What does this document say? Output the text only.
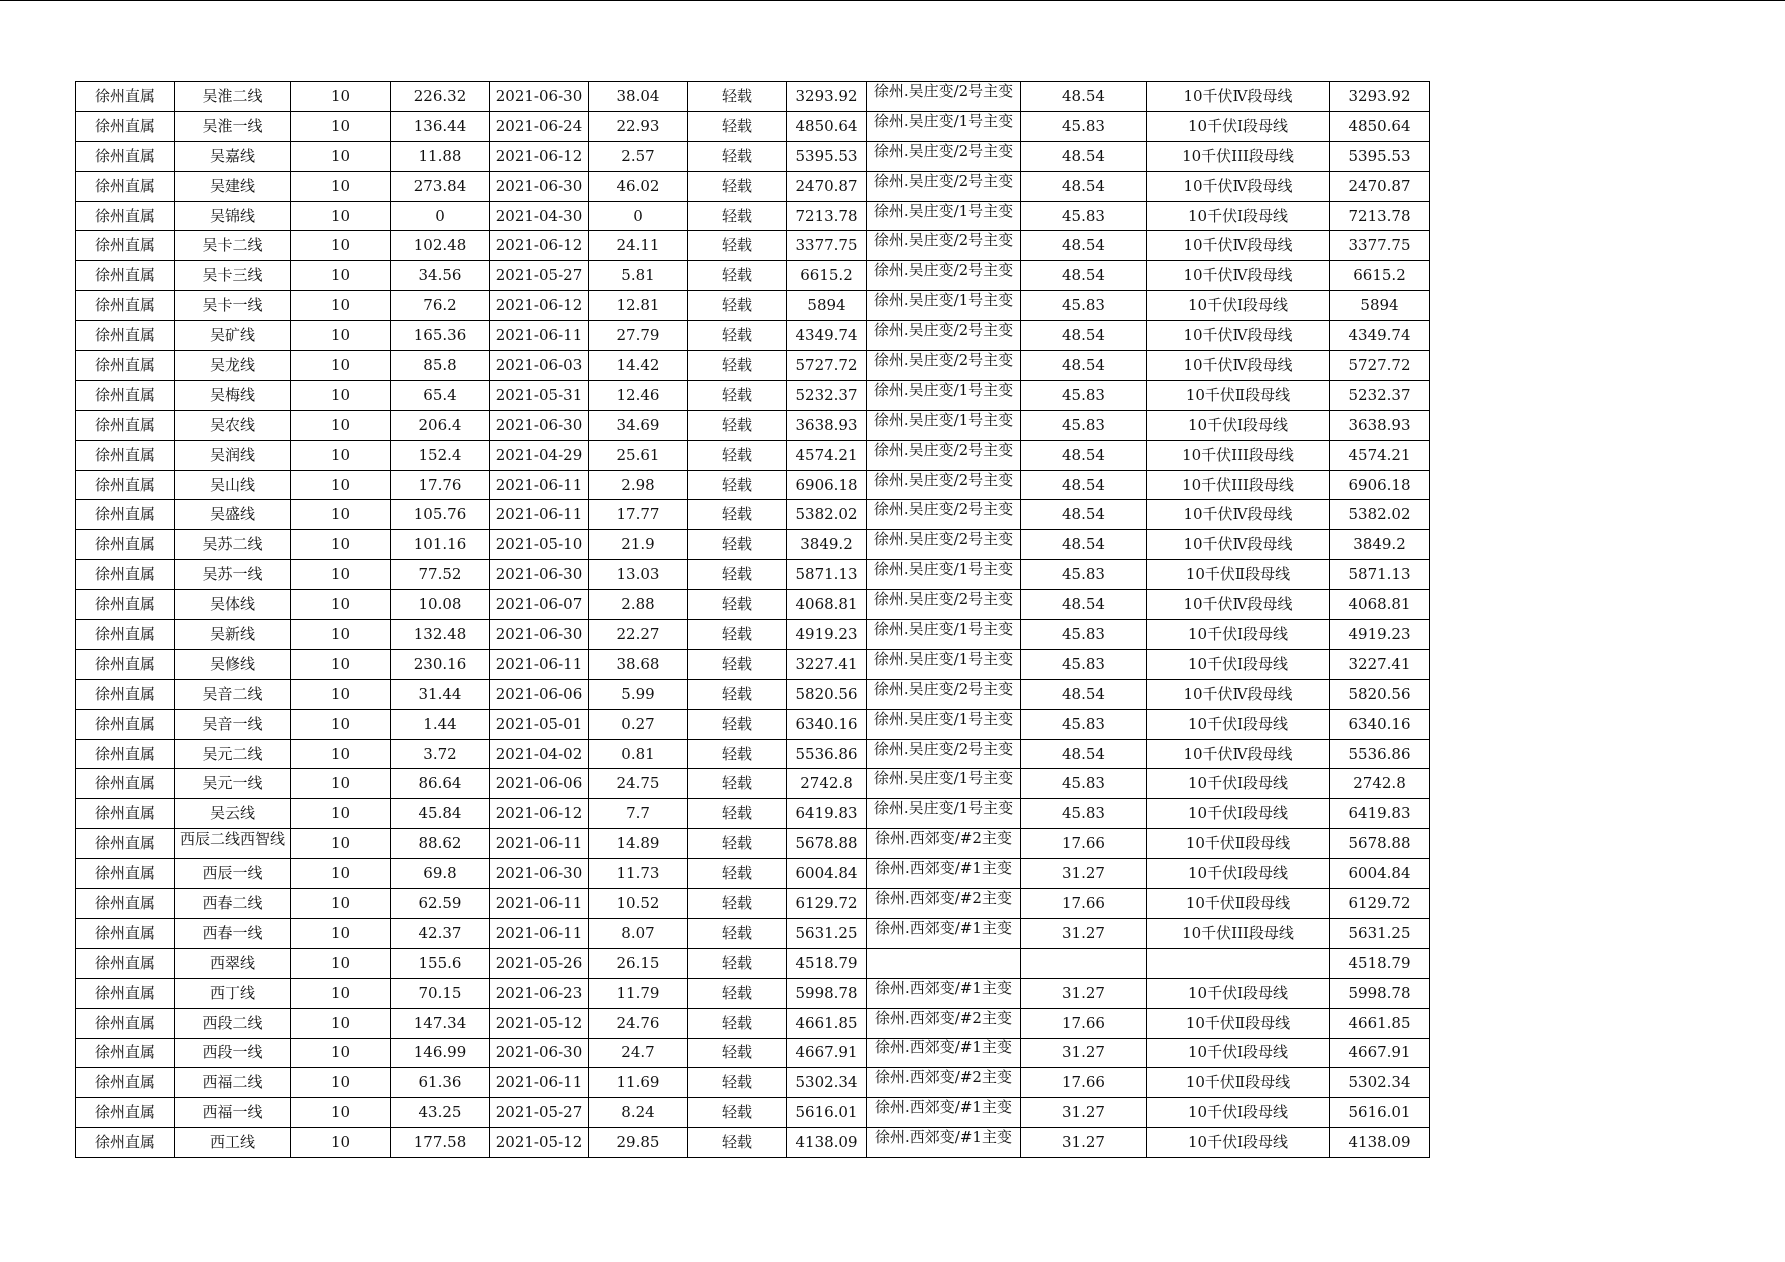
徐州直属	吴淮二线	10	226.32	2021-06-30	38.04	轻载	3293.92	徐州.吴庄变/2号主变	48.54	10千伏Ⅳ段母线	3293.92
徐州直属	吴淮一线	10	136.44	2021-06-24	22.93	轻载	4850.64	徐州.吴庄变/1号主变	45.83	10千伏Ⅰ段母线	4850.64
徐州直属	吴嘉线	10	11.88	2021-06-12	2.57	轻载	5395.53	徐州.吴庄变/2号主变	48.54	10千伏III段母线	5395.53
徐州直属	吴建线	10	273.84	2021-06-30	46.02	轻载	2470.87	徐州.吴庄变/2号主变	48.54	10千伏Ⅳ段母线	2470.87
徐州直属	吴锦线	10	0	2021-04-30	0	轻载	7213.78	徐州.吴庄变/1号主变	45.83	10千伏Ⅰ段母线	7213.78
徐州直属	吴卡二线	10	102.48	2021-06-12	24.11	轻载	3377.75	徐州.吴庄变/2号主变	48.54	10千伏Ⅳ段母线	3377.75
徐州直属	吴卡三线	10	34.56	2021-05-27	5.81	轻载	6615.2	徐州.吴庄变/2号主变	48.54	10千伏Ⅳ段母线	6615.2
徐州直属	吴卡一线	10	76.2	2021-06-12	12.81	轻载	5894	徐州.吴庄变/1号主变	45.83	10千伏Ⅰ段母线	5894
徐州直属	吴矿线	10	165.36	2021-06-11	27.79	轻载	4349.74	徐州.吴庄变/2号主变	48.54	10千伏Ⅳ段母线	4349.74
徐州直属	吴龙线	10	85.8	2021-06-03	14.42	轻载	5727.72	徐州.吴庄变/2号主变	48.54	10千伏Ⅳ段母线	5727.72
徐州直属	吴梅线	10	65.4	2021-05-31	12.46	轻载	5232.37	徐州.吴庄变/1号主变	45.83	10千伏Ⅱ段母线	5232.37
徐州直属	吴农线	10	206.4	2021-06-30	34.69	轻载	3638.93	徐州.吴庄变/1号主变	45.83	10千伏Ⅰ段母线	3638.93
徐州直属	吴润线	10	152.4	2021-04-29	25.61	轻载	4574.21	徐州.吴庄变/2号主变	48.54	10千伏III段母线	4574.21
徐州直属	吴山线	10	17.76	2021-06-11	2.98	轻载	6906.18	徐州.吴庄变/2号主变	48.54	10千伏III段母线	6906.18
徐州直属	吴盛线	10	105.76	2021-06-11	17.77	轻载	5382.02	徐州.吴庄变/2号主变	48.54	10千伏Ⅳ段母线	5382.02
徐州直属	吴苏二线	10	101.16	2021-05-10	21.9	轻载	3849.2	徐州.吴庄变/2号主变	48.54	10千伏Ⅳ段母线	3849.2
徐州直属	吴苏一线	10	77.52	2021-06-30	13.03	轻载	5871.13	徐州.吴庄变/1号主变	45.83	10千伏Ⅱ段母线	5871.13
徐州直属	吴体线	10	10.08	2021-06-07	2.88	轻载	4068.81	徐州.吴庄变/2号主变	48.54	10千伏Ⅳ段母线	4068.81
徐州直属	吴新线	10	132.48	2021-06-30	22.27	轻载	4919.23	徐州.吴庄变/1号主变	45.83	10千伏Ⅰ段母线	4919.23
徐州直属	吴修线	10	230.16	2021-06-11	38.68	轻载	3227.41	徐州.吴庄变/1号主变	45.83	10千伏Ⅰ段母线	3227.41
徐州直属	吴音二线	10	31.44	2021-06-06	5.99	轻载	5820.56	徐州.吴庄变/2号主变	48.54	10千伏Ⅳ段母线	5820.56
徐州直属	吴音一线	10	1.44	2021-05-01	0.27	轻载	6340.16	徐州.吴庄变/1号主变	45.83	10千伏Ⅰ段母线	6340.16
徐州直属	吴元二线	10	3.72	2021-04-02	0.81	轻载	5536.86	徐州.吴庄变/2号主变	48.54	10千伏Ⅳ段母线	5536.86
徐州直属	吴元一线	10	86.64	2021-06-06	24.75	轻载	2742.8	徐州.吴庄变/1号主变	45.83	10千伏Ⅰ段母线	2742.8
徐州直属	吴云线	10	45.84	2021-06-12	7.7	轻载	6419.83	徐州.吴庄变/1号主变	45.83	10千伏Ⅰ段母线	6419.83
徐州直属	西辰二线西智线	10	88.62	2021-06-11	14.89	轻载	5678.88	徐州.西郊变/#2主变	17.66	10千伏Ⅱ段母线	5678.88
徐州直属	西辰一线	10	69.8	2021-06-30	11.73	轻载	6004.84	徐州.西郊变/#1主变	31.27	10千伏Ⅰ段母线	6004.84
徐州直属	西春二线	10	62.59	2021-06-11	10.52	轻载	6129.72	徐州.西郊变/#2主变	17.66	10千伏Ⅱ段母线	6129.72
徐州直属	西春一线	10	42.37	2021-06-11	8.07	轻载	5631.25	徐州.西郊变/#1主变	31.27	10千伏III段母线	5631.25
徐州直属	西翠线	10	155.6	2021-05-26	26.15	轻载	4518.79				4518.79
徐州直属	西丁线	10	70.15	2021-06-23	11.79	轻载	5998.78	徐州.西郊变/#1主变	31.27	10千伏Ⅰ段母线	5998.78
徐州直属	西段二线	10	147.34	2021-05-12	24.76	轻载	4661.85	徐州.西郊变/#2主变	17.66	10千伏Ⅱ段母线	4661.85
徐州直属	西段一线	10	146.99	2021-06-30	24.7	轻载	4667.91	徐州.西郊变/#1主变	31.27	10千伏Ⅰ段母线	4667.91
徐州直属	西福二线	10	61.36	2021-06-11	11.69	轻载	5302.34	徐州.西郊变/#2主变	17.66	10千伏Ⅱ段母线	5302.34
徐州直属	西福一线	10	43.25	2021-05-27	8.24	轻载	5616.01	徐州.西郊变/#1主变	31.27	10千伏Ⅰ段母线	5616.01
徐州直属	西工线	10	177.58	2021-05-12	29.85	轻载	4138.09	徐州.西郊变/#1主变	31.27	10千伏Ⅰ段母线	4138.09
